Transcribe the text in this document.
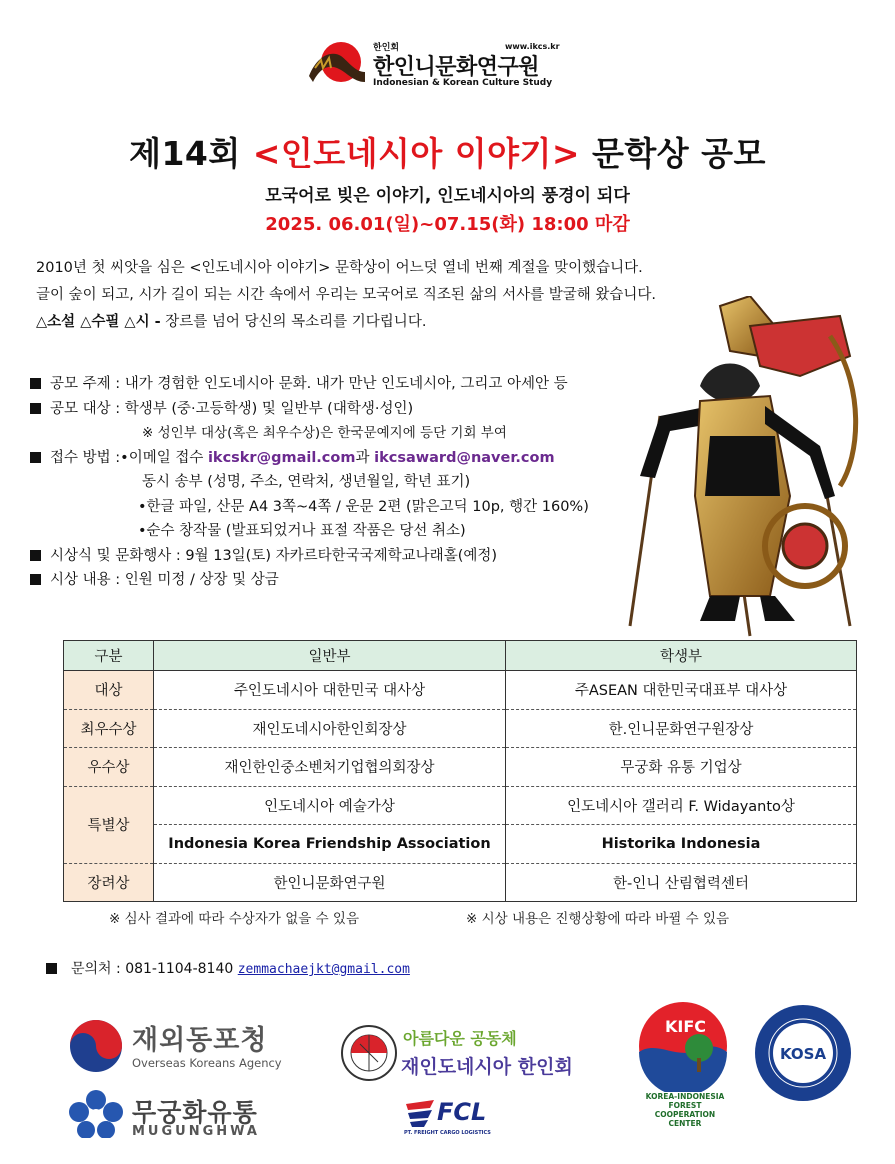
한인회	www.ikcs.kr
한인니문화연구원
Indonesian & Korean Culture Study
제14회 <인도네시아 이야기> 문학상 공모
모국어로 빚은 이야기, 인도네시아의 풍경이 되다
2025. 06.01(일)~07.15(화) 18:00 마감
2010년 첫 씨앗을 심은 <인도네시아 이야기> 문학상이 어느덧 열네 번째 계절을 맞이했습니다.
글이 숲이 되고, 시가 길이 되는 시간 속에서 우리는 모국어로 직조된 삶의 서사를 발굴해 왔습니다.
△소설 △수필 △시 - 장르를 넘어 당신의 목소리를 기다립니다.
공모 주제 : 내가 경험한 인도네시아 문화. 내가 만난 인도네시아, 그리고 아세안 등
공모 대상 : 학생부 (중·고등학생) 및 일반부 (대학생·성인)
※ 성인부 대상(혹은 최우수상)은 한국문예지에 등단 기회 부여
접수 방법 :•이메일 접수 ikcskr@gmail.com과 ikcsaward@naver.com
동시 송부 (성명, 주소, 연락처, 생년월일, 학년 표기)
•한글 파일, 산문 A4 3쪽~4쪽 / 운문 2편 (맑은고딕 10p, 행간 160%)
•순수 창작물 (발표되었거나 표절 작품은 당선 취소)
시상식 및 문화행사 : 9월 13일(토) 자카르타한국국제학교나래홀(예정)
시상 내용 : 인원 미정 / 상장 및 상금
구분	일반부	학생부
대상	주인도네시아 대한민국 대사상	주ASEAN 대한민국대표부 대사상
최우수상	재인도네시아한인회장상	한.인니문화연구원장상
우수상	재인한인중소벤처기업협의회장상	무궁화 유통 기업상
특별상	인도네시아 예술가상	인도네시아 갤러리 F. Widayanto상
	Indonesia Korea Friendship Association	Historika Indonesia
장려상	한인니문화연구원	한-인니 산림협력센터
※ 심사 결과에 따라 수상자가 없을 수 있음	※ 시상 내용은 진행상황에 따라 바뀔 수 있음
문의처 : 081-1104-8140 zemmachaejkt@gmail.com
재외동포청
Overseas Koreans Agency
무궁화유통
MUGUNGHWA
아름다운 공동체
재인도네시아 한인회
FCL
PT. FREIGHT CARGO LOGISTICS
KIFC
KOREA-INDONESIA FOREST COOPERATION CENTER
KOSA
